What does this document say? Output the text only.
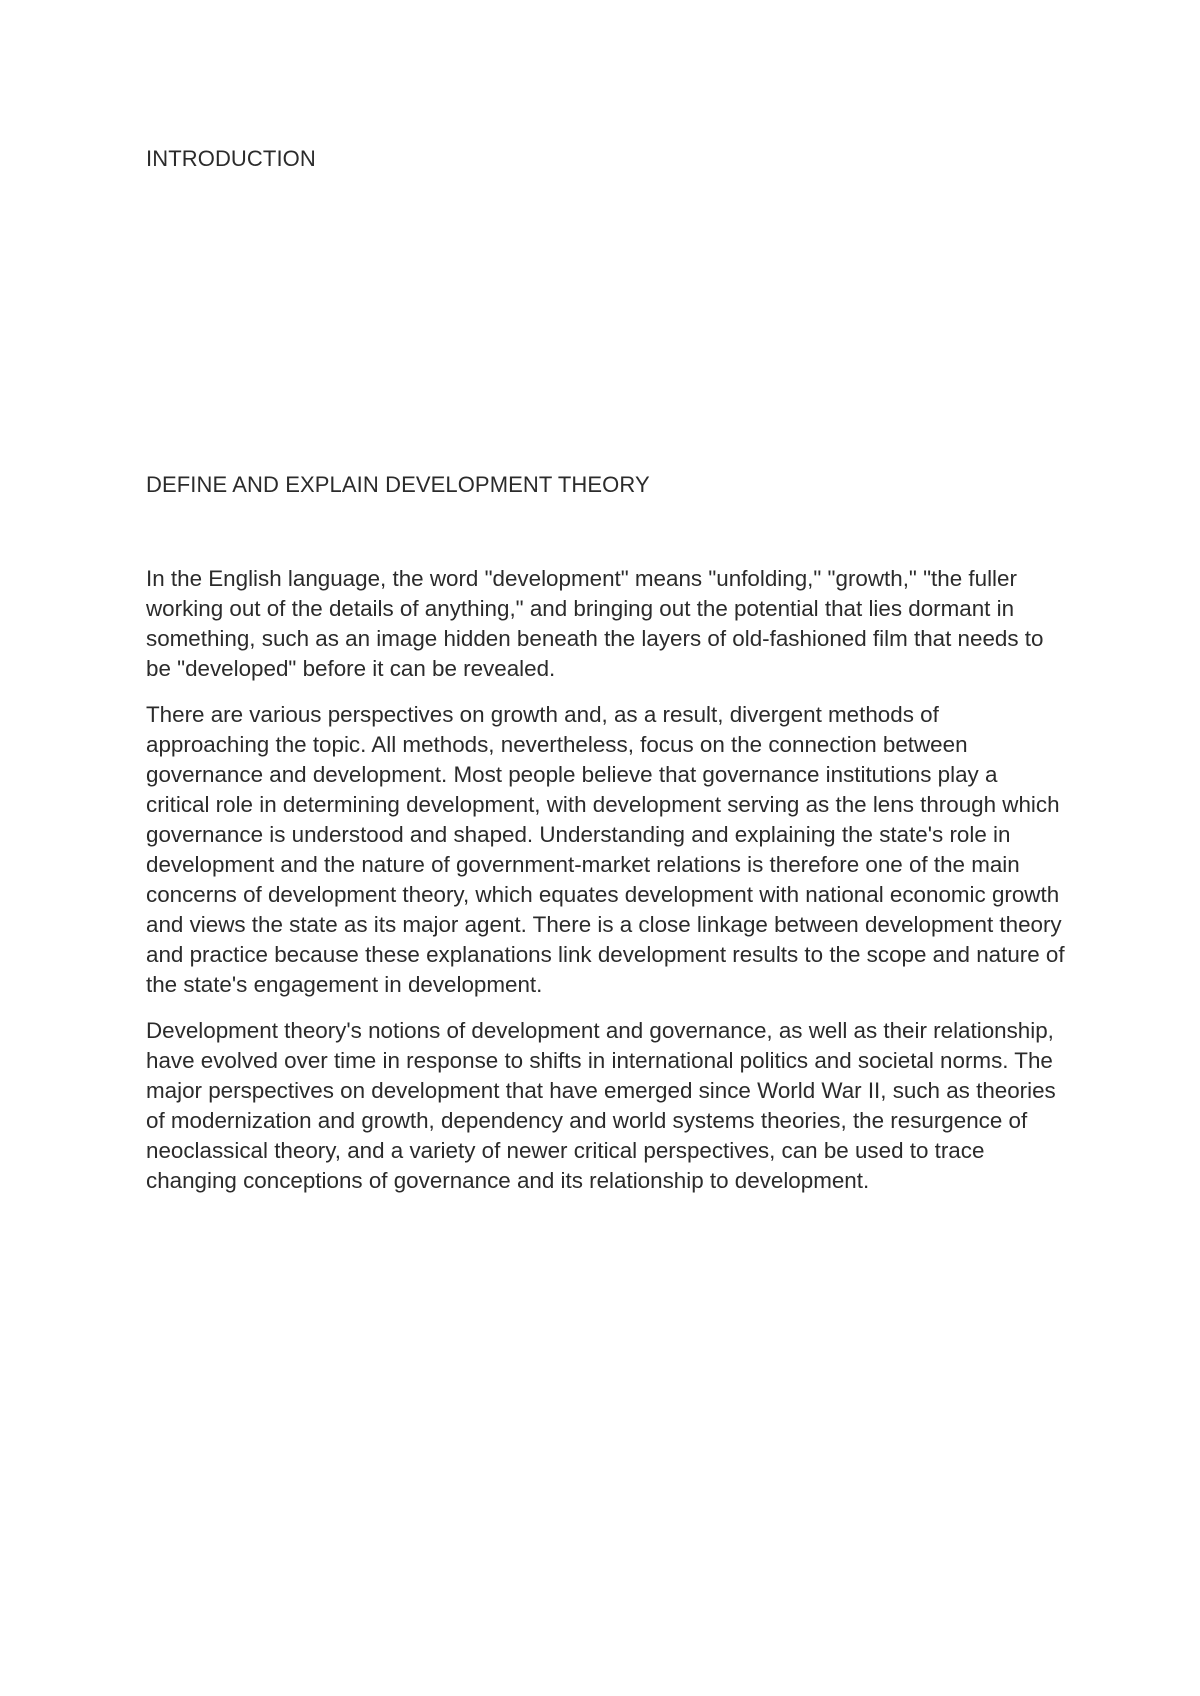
INTRODUCTION
DEFINE AND EXPLAIN DEVELOPMENT THEORY

In the English language, the word "development" means "unfolding," "growth," "the fuller working out of the details of anything," and bringing out the potential that lies dormant in something, such as an image hidden beneath the layers of old-fashioned film that needs to be "developed" before it can be revealed.

There are various perspectives on growth and, as a result, divergent methods of approaching the topic. All methods, nevertheless, focus on the connection between governance and development. Most people believe that governance institutions play a critical role in determining development, with development serving as the lens through which governance is understood and shaped. Understanding and explaining the state's role in development and the nature of government-market relations is therefore one of the main concerns of development theory, which equates development with national economic growth and views the state as its major agent. There is a close linkage between development theory and practice because these explanations link development results to the scope and nature of the state's engagement in development.

Development theory's notions of development and governance, as well as their relationship, have evolved over time in response to shifts in international politics and societal norms. The major perspectives on development that have emerged since World War II, such as theories of modernization and growth, dependency and world systems theories, the resurgence of neoclassical theory, and a variety of newer critical perspectives, can be used to trace changing conceptions of governance and its relationship to development.
